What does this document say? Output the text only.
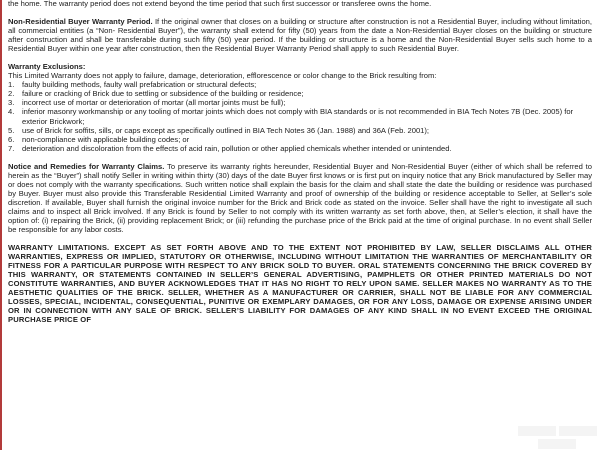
the home. The warranty period does not extend beyond the time period that such first successor or transferee owns the home.

Non-Residential Buyer Warranty Period. If the original owner that closes on a building or structure after construction is not a Residential Buyer, including without limitation, all commercial entities (a “Non- Residential Buyer”), the warranty shall extend for fifty (50) years from the date a Non-Residential Buyer closes on the building or structure after construction and shall be transferable during such fifty (50) year period. If the building or structure is a home and the Non-Residential Buyer sells such home to a Residential Buyer within one year after construction, then the Residential Buyer Warranty Period shall apply to such Residential Buyer.

Warranty Exclusions:

This Limited Warranty does not apply to failure, damage, deterioration, efflorescence or color change to the Brick resulting from:

1.	faulty building methods, faulty wall prefabrication or structural defects;
2.	failure or cracking of Brick due to settling or subsidence of the building or residence;
3.	incorrect use of mortar or deterioration of mortar (all mortar joints must be full);
4.	inferior masonry workmanship or any tooling of mortar joints which does not comply with BIA standards or is not recommended in BIA Tech Notes 7B (Dec. 2005) for exterior Brickwork;
5.	use of Brick for soffits, sills, or caps except as specifically outlined in BIA Tech Notes 36 (Jan. 1988) and 36A (Feb. 2001);
6.	non-compliance with applicable building codes; or
7.	deterioration and discoloration from the effects of acid rain, pollution or other applied chemicals whether intended or unintended.

Notice and Remedies for Warranty Claims. To preserve its warranty rights hereunder, Residential Buyer and Non-Residential Buyer (either of which shall be referred to herein as the “Buyer”) shall notify Seller in writing within thirty (30) days of the date Buyer first knows or is first put on inquiry notice that any Brick manufactured by Seller may or does not comply with the warranty specifications. Such written notice shall explain the basis for the claim and shall state the date the building or residence was purchased by Buyer. Buyer must also provide this Transferable Residential Limited Warranty and proof of ownership of the building or residence acceptable to Seller, at Seller’s sole discretion. If available, Buyer shall furnish the original invoice number for the Brick and Brick code as stated on the invoice. Seller shall have the right to investigate all such claims and to inspect all Brick involved. If any Brick is found by Seller to not comply with its written warranty as set forth above, then, at Seller’s election, it shall have the option of: (i) repairing the Brick, (ii) providing replacement Brick; or (iii) refunding the purchase price of the Brick paid at the time of original purchase. In no event shall Seller be responsible for any labor costs.

WARRANTY LIMITATIONS. EXCEPT AS SET FORTH ABOVE AND TO THE EXTENT NOT PROHIBITED BY LAW, SELLER DISCLAIMS ALL OTHER WARRANTIES, EXPRESS OR IMPLIED, STATUTORY OR OTHERWISE, INCLUDING WITHOUT LIMITATION THE WARRANTIES OF MERCHANTABILITY OR FITNESS FOR A PARTICULAR PURPOSE WITH RESPECT TO ANY BRICK SOLD TO BUYER. ORAL STATEMENTS CONCERNING THE BRICK COVERED BY THIS WARRANTY, OR STATEMENTS CONTAINED IN SELLER’S GENERAL ADVERTISING, PAMPHLETS OR OTHER PRINTED MATERIALS DO NOT CONSTITUTE WARRANTIES, AND BUYER ACKNOWLEDGES THAT IT HAS NO RIGHT TO RELY UPON SAME. SELLER MAKES NO WARRANTY AS TO THE AESTHETIC QUALITIES OF THE BRICK. SELLER, WHETHER AS A MANUFACTURER OR CARRIER, SHALL NOT BE LIABLE FOR ANY COMMERCIAL LOSSES, SPECIAL, INCIDENTAL, CONSEQUENTIAL, PUNITIVE OR EXEMPLARY DAMAGES, OR FOR ANY LOSS, DAMAGE OR EXPENSE ARISING UNDER OR IN CONNECTION WITH ANY SALE OF BRICK. SELLER’S LIABILITY FOR DAMAGES OF ANY KIND SHALL IN NO EVENT EXCEED THE ORIGINAL PURCHASE PRICE OF
